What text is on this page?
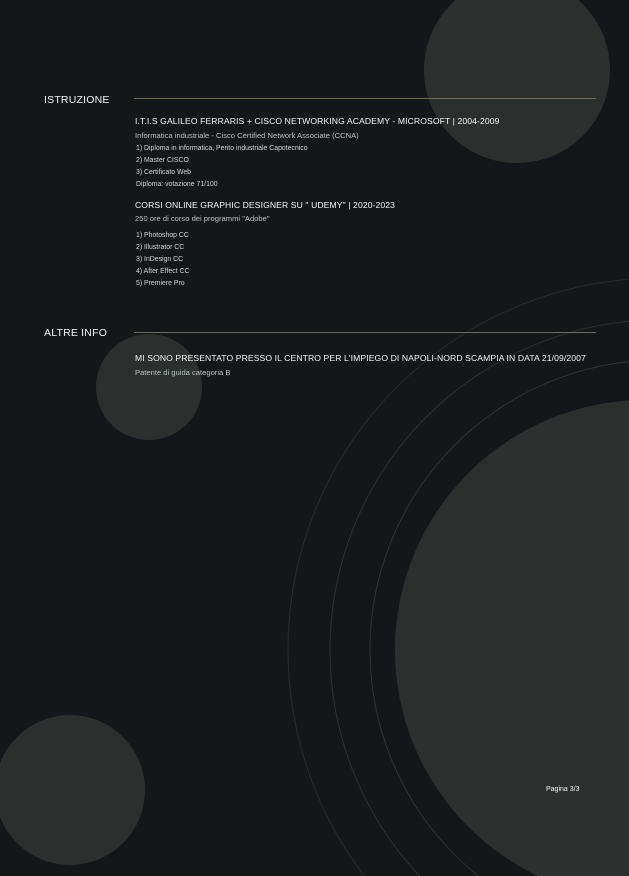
ISTRUZIONE
I.T.I.S GALILEO FERRARIS + CISCO NETWORKING ACADEMY - MICROSOFT | 2004-2009
Informatica industriale - Cisco Certified Network Associate (CCNA)
1) Diploma in informatica, Perito industriale Capotecnico
2) Master CISCO
3) Certificato Web
Diploma: votazione 71/100
CORSI ONLINE GRAPHIC DESIGNER SU " UDEMY" | 2020-2023
250 ore di corso dei programmi "Adobe"
1) Photoshop CC
2) Illustrator CC
3) InDesign CC
4) After Effect CC
5) Premiere Pro
ALTRE INFO
MI SONO PRESENTATO PRESSO IL CENTRO PER L'IMPIEGO DI NAPOLI-NORD SCAMPIA IN DATA 21/09/2007
Patente di guida categoria B
Pagina 3/3
